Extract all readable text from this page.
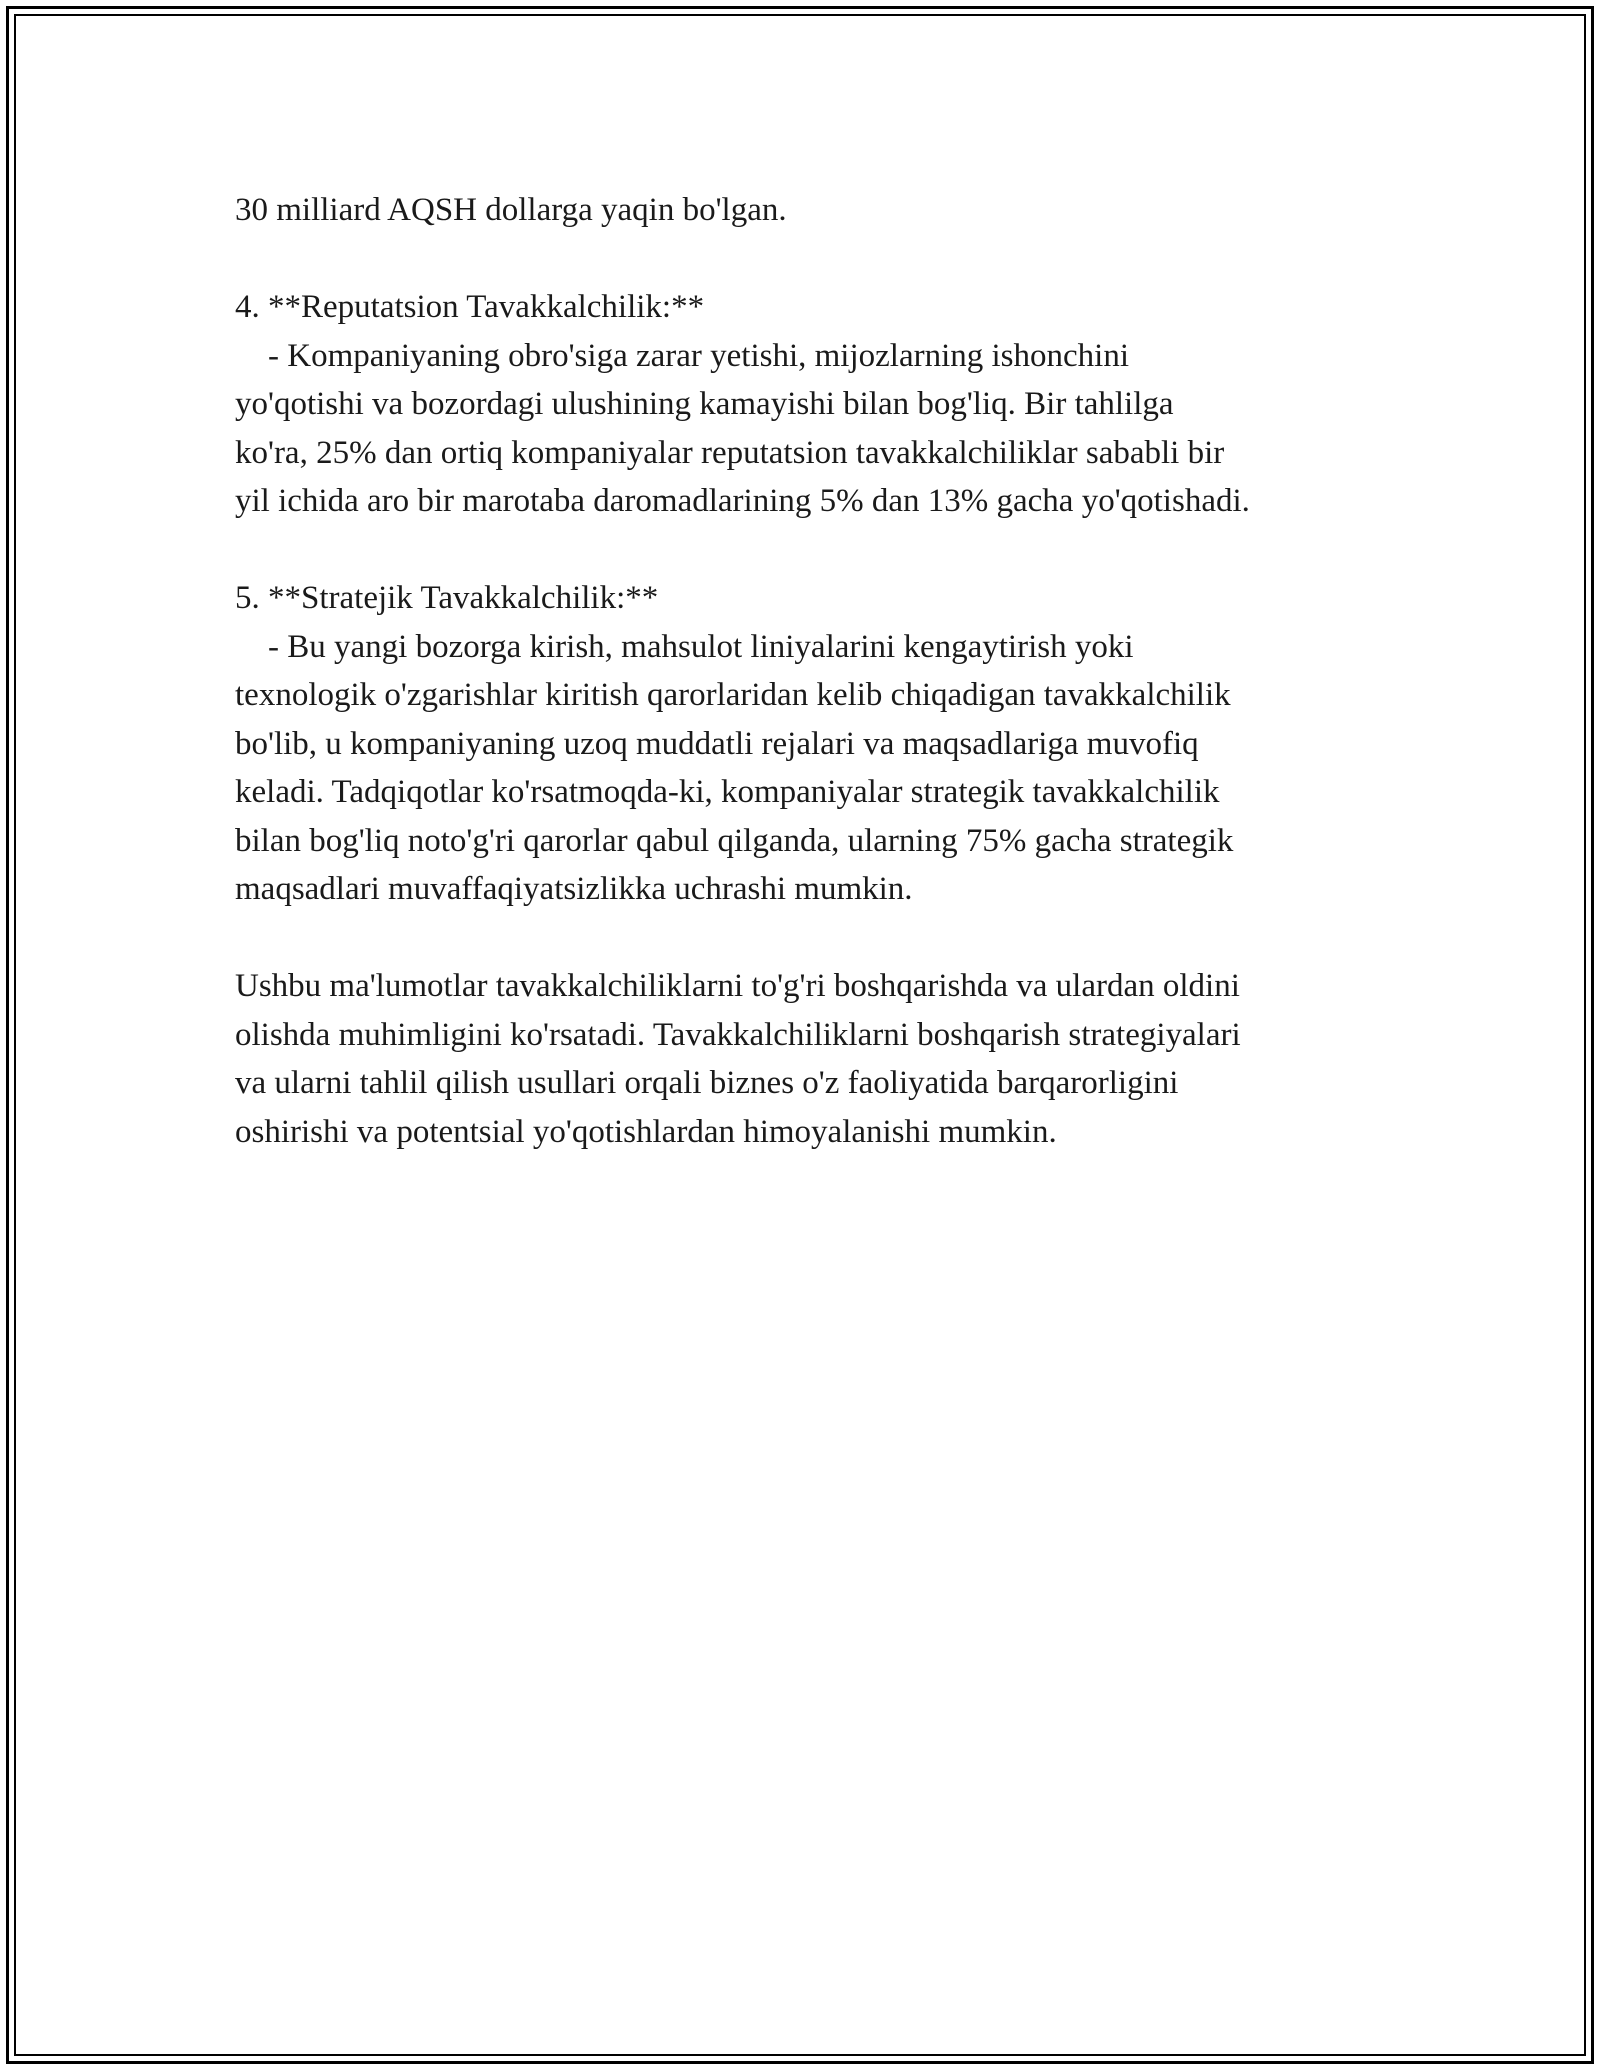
30 milliard AQSH dollarga yaqin bo'lgan.
4. **Reputatsion Tavakkalchilik:**
- Kompaniyaning obro'siga zarar yetishi, mijozlarning ishonchini
yo'qotishi va bozordagi ulushining kamayishi bilan bog'liq. Bir tahlilga
ko'ra, 25% dan ortiq kompaniyalar reputatsion tavakkalchiliklar sababli bir
yil ichida aro bir marotaba daromadlarining 5% dan 13% gacha yo'qotishadi.
5. **Stratejik Tavakkalchilik:**
- Bu yangi bozorga kirish, mahsulot liniyalarini kengaytirish yoki
texnologik o'zgarishlar kiritish qarorlaridan kelib chiqadigan tavakkalchilik
bo'lib, u kompaniyaning uzoq muddatli rejalari va maqsadlariga muvofiq
keladi. Tadqiqotlar ko'rsatmoqda-ki, kompaniyalar strategik tavakkalchilik
bilan bog'liq noto'g'ri qarorlar qabul qilganda, ularning 75% gacha strategik
maqsadlari muvaffaqiyatsizlikka uchrashi mumkin.
Ushbu ma'lumotlar tavakkalchiliklarni to'g'ri boshqarishda va ulardan oldini
olishda muhimligini ko'rsatadi. Tavakkalchiliklarni boshqarish strategiyalari
va ularni tahlil qilish usullari orqali biznes o'z faoliyatida barqarorligini
oshirishi va potentsial yo'qotishlardan himoyalanishi mumkin.
